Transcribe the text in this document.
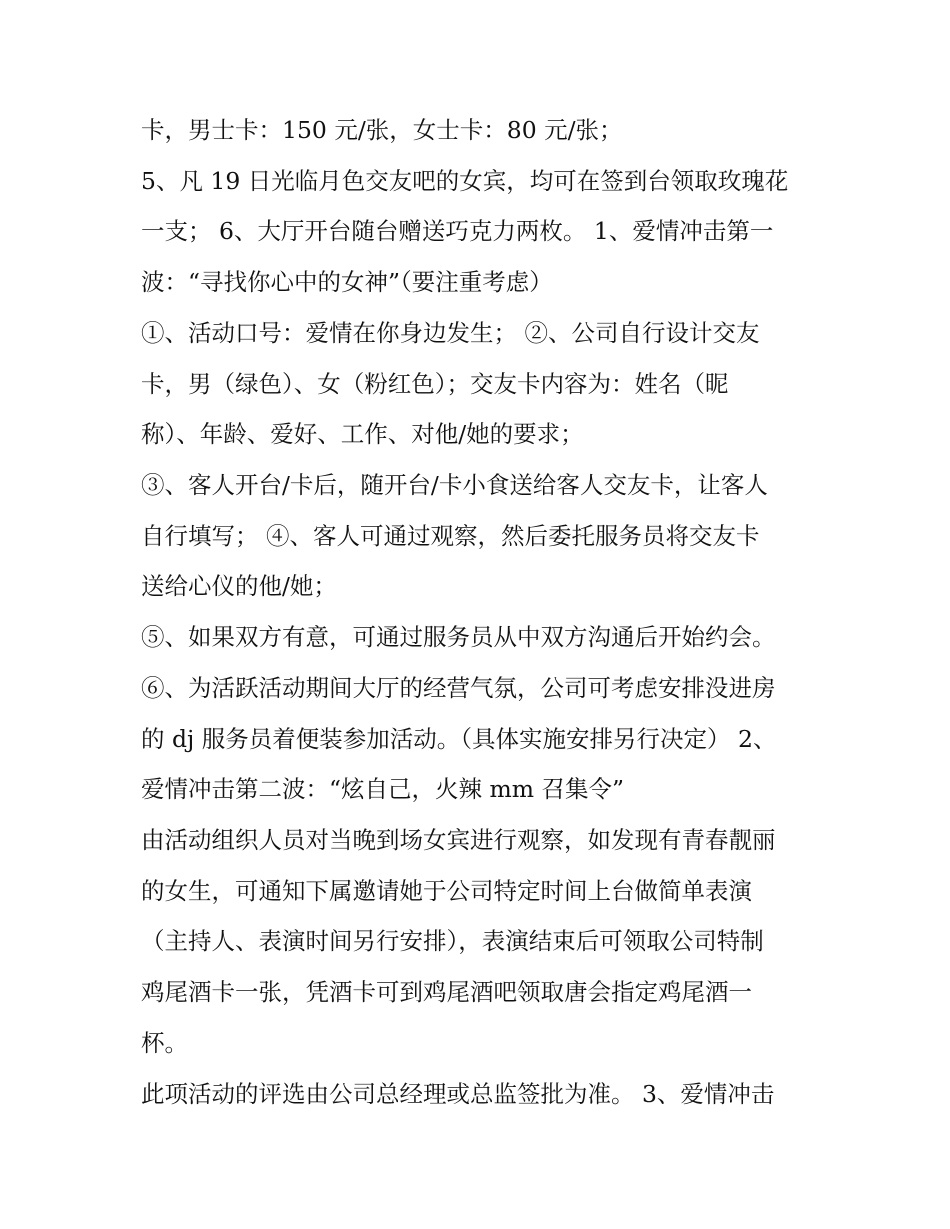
卡，男士卡：150 元/张，女士卡：80 元/张；
5、凡 19 日光临月色交友吧的女宾，均可在签到台领取玫瑰花
一支； 6、大厅开台随台赠送巧克力两枚。 1、爱情冲击第一
波：“寻找你心中的女神”（要注重考虑）
①、活动口号：爱情在你身边发生； ②、公司自行设计交友
卡，男（绿色）、女（粉红色）；交友卡内容为：姓名（昵
称）、年龄、爱好、工作、对他/她的要求；
③、客人开台/卡后，随开台/卡小食送给客人交友卡，让客人
自行填写； ④、客人可通过观察，然后委托服务员将交友卡
送给心仪的他/她；
⑤、如果双方有意，可通过服务员从中双方沟通后开始约会。
⑥、为活跃活动期间大厅的经营气氛，公司可考虑安排没进房
的 dj 服务员着便装参加活动。（具体实施安排另行决定） 2、
爱情冲击第二波：“炫自己，火辣 mm 召集令”
由活动组织人员对当晚到场女宾进行观察，如发现有青春靓丽
的女生，可通知下属邀请她于公司特定时间上台做简单表演
（主持人、表演时间另行安排），表演结束后可领取公司特制
鸡尾酒卡一张，凭酒卡可到鸡尾酒吧领取唐会指定鸡尾酒一
杯。
此项活动的评选由公司总经理或总监签批为准。 3、爱情冲击
